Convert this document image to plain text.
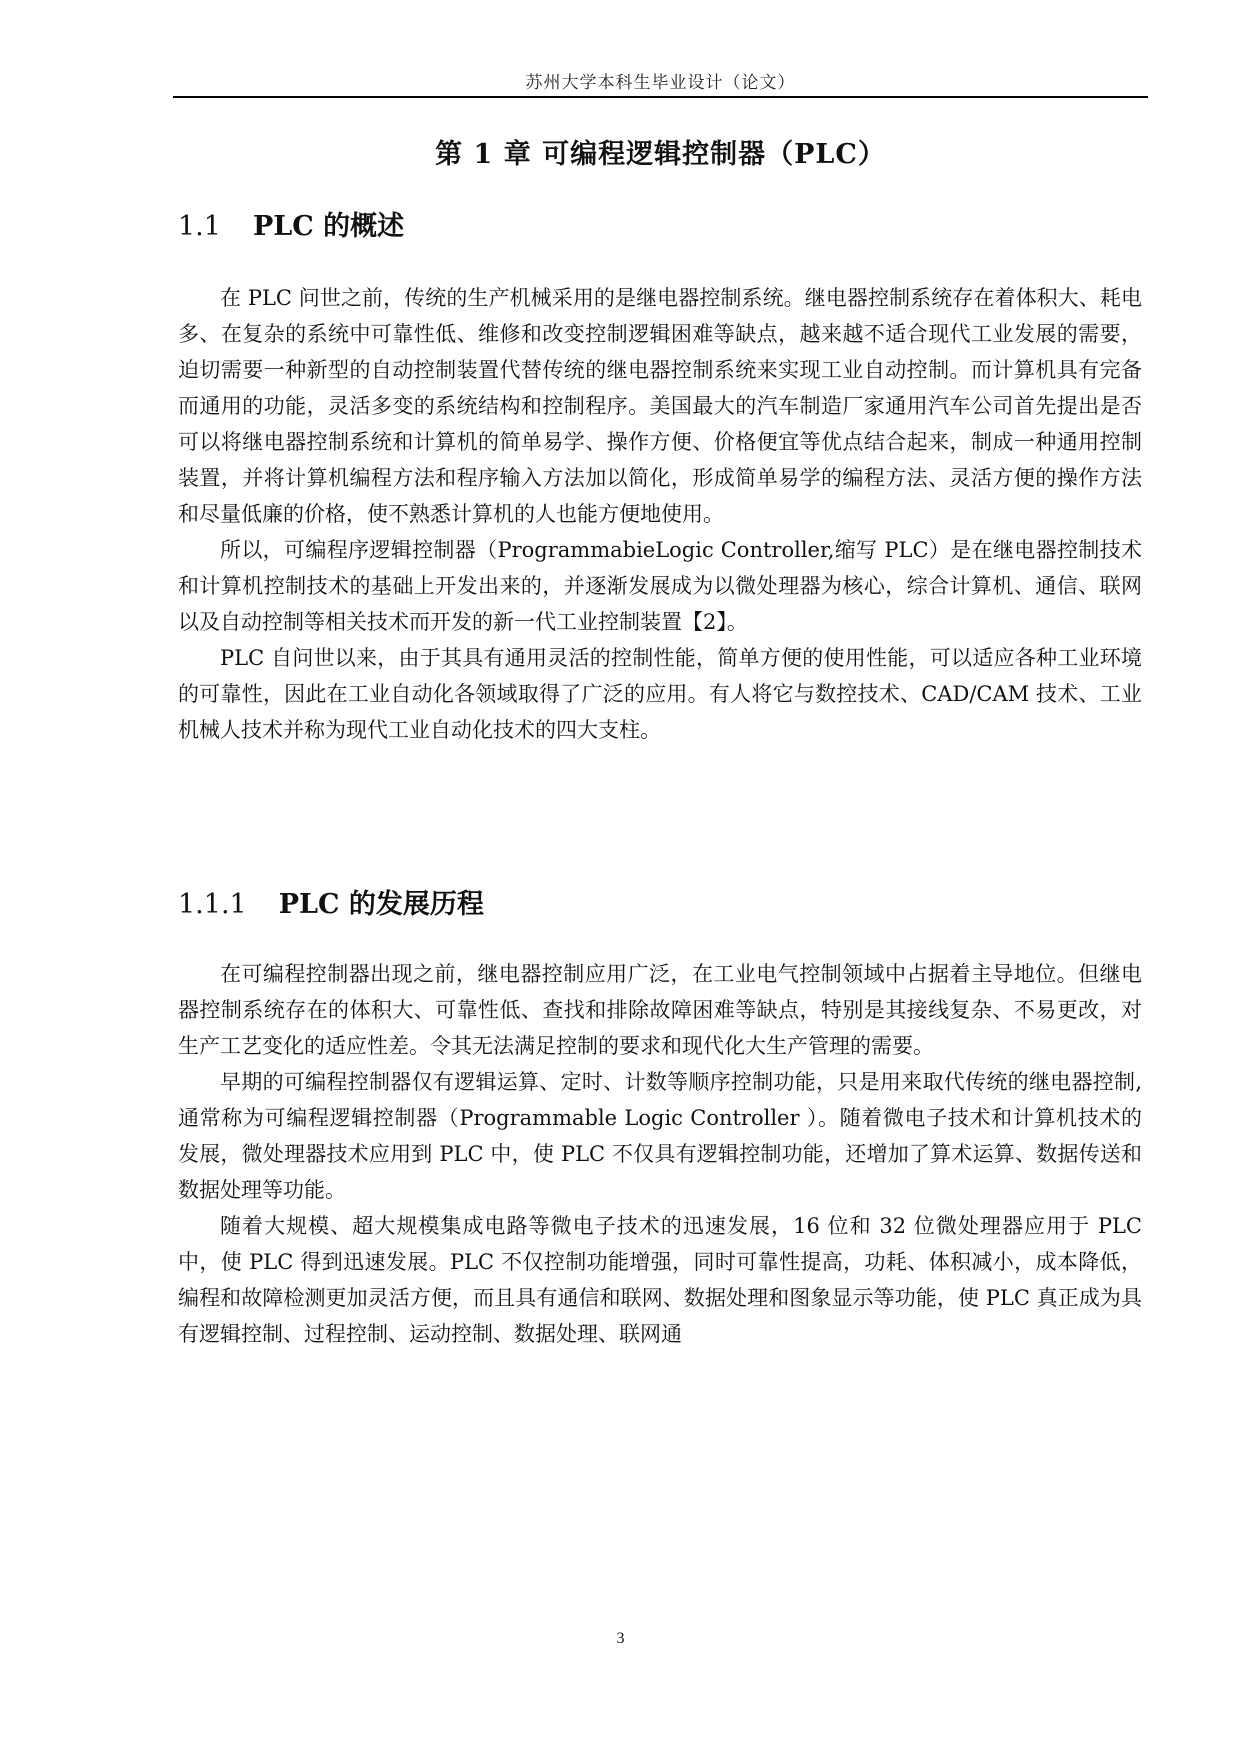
苏州大学本科生毕业设计（论文）
第 1 章 可编程逻辑控制器（PLC）
1.1 PLC 的概述

在 PLC 问世之前，传统的生产机械采用的是继电器控制系统。继电器控制系统存在着体积大、耗电多、在复杂的系统中可靠性低、维修和改变控制逻辑困难等缺点，越来越不适合现代工业发展的需要，迫切需要一种新型的自动控制装置代替传统的继电器控制系统来实现工业自动控制。而计算机具有完备而通用的功能，灵活多变的系统结构和控制程序。美国最大的汽车制造厂家通用汽车公司首先提出是否可以将继电器控制系统和计算机的简单易学、操作方便、价格便宜等优点结合起来，制成一种通用控制装置，并将计算机编程方法和程序输入方法加以简化，形成简单易学的编程方法、灵活方便的操作方法和尽量低廉的价格，使不熟悉计算机的人也能方便地使用。

所以，可编程序逻辑控制器（ProgrammabieLogic Controller,缩写 PLC）是在继电器控制技术和计算机控制技术的基础上开发出来的，并逐渐发展成为以微处理器为核心，综合计算机、通信、联网以及自动控制等相关技术而开发的新一代工业控制装置【2】。

PLC 自问世以来，由于其具有通用灵活的控制性能，简单方便的使用性能，可以适应各种工业环境的可靠性，因此在工业自动化各领域取得了广泛的应用。有人将它与数控技术、CAD/CAM 技术、工业机械人技术并称为现代工业自动化技术的四大支柱。

1.1.1 PLC 的发展历程

在可编程控制器出现之前，继电器控制应用广泛，在工业电气控制领域中占据着主导地位。但继电器控制系统存在的体积大、可靠性低、查找和排除故障困难等缺点，特别是其接线复杂、不易更改，对生产工艺变化的适应性差。令其无法满足控制的要求和现代化大生产管理的需要。

早期的可编程控制器仅有逻辑运算、定时、计数等顺序控制功能，只是用来取代传统的继电器控制,通常称为可编程逻辑控制器（Programmable Logic Controller ）。随着微电子技术和计算机技术的发展，微处理器技术应用到 PLC 中，使 PLC 不仅具有逻辑控制功能，还增加了算术运算、数据传送和数据处理等功能。

随着大规模、超大规模集成电路等微电子技术的迅速发展，16 位和 32 位微处理器应用于 PLC 中，使 PLC 得到迅速发展。PLC 不仅控制功能增强，同时可靠性提高，功耗、体积减小，成本降低，编程和故障检测更加灵活方便，而且具有通信和联网、数据处理和图象显示等功能，使 PLC 真正成为具有逻辑控制、过程控制、运动控制、数据处理、联网通

3
